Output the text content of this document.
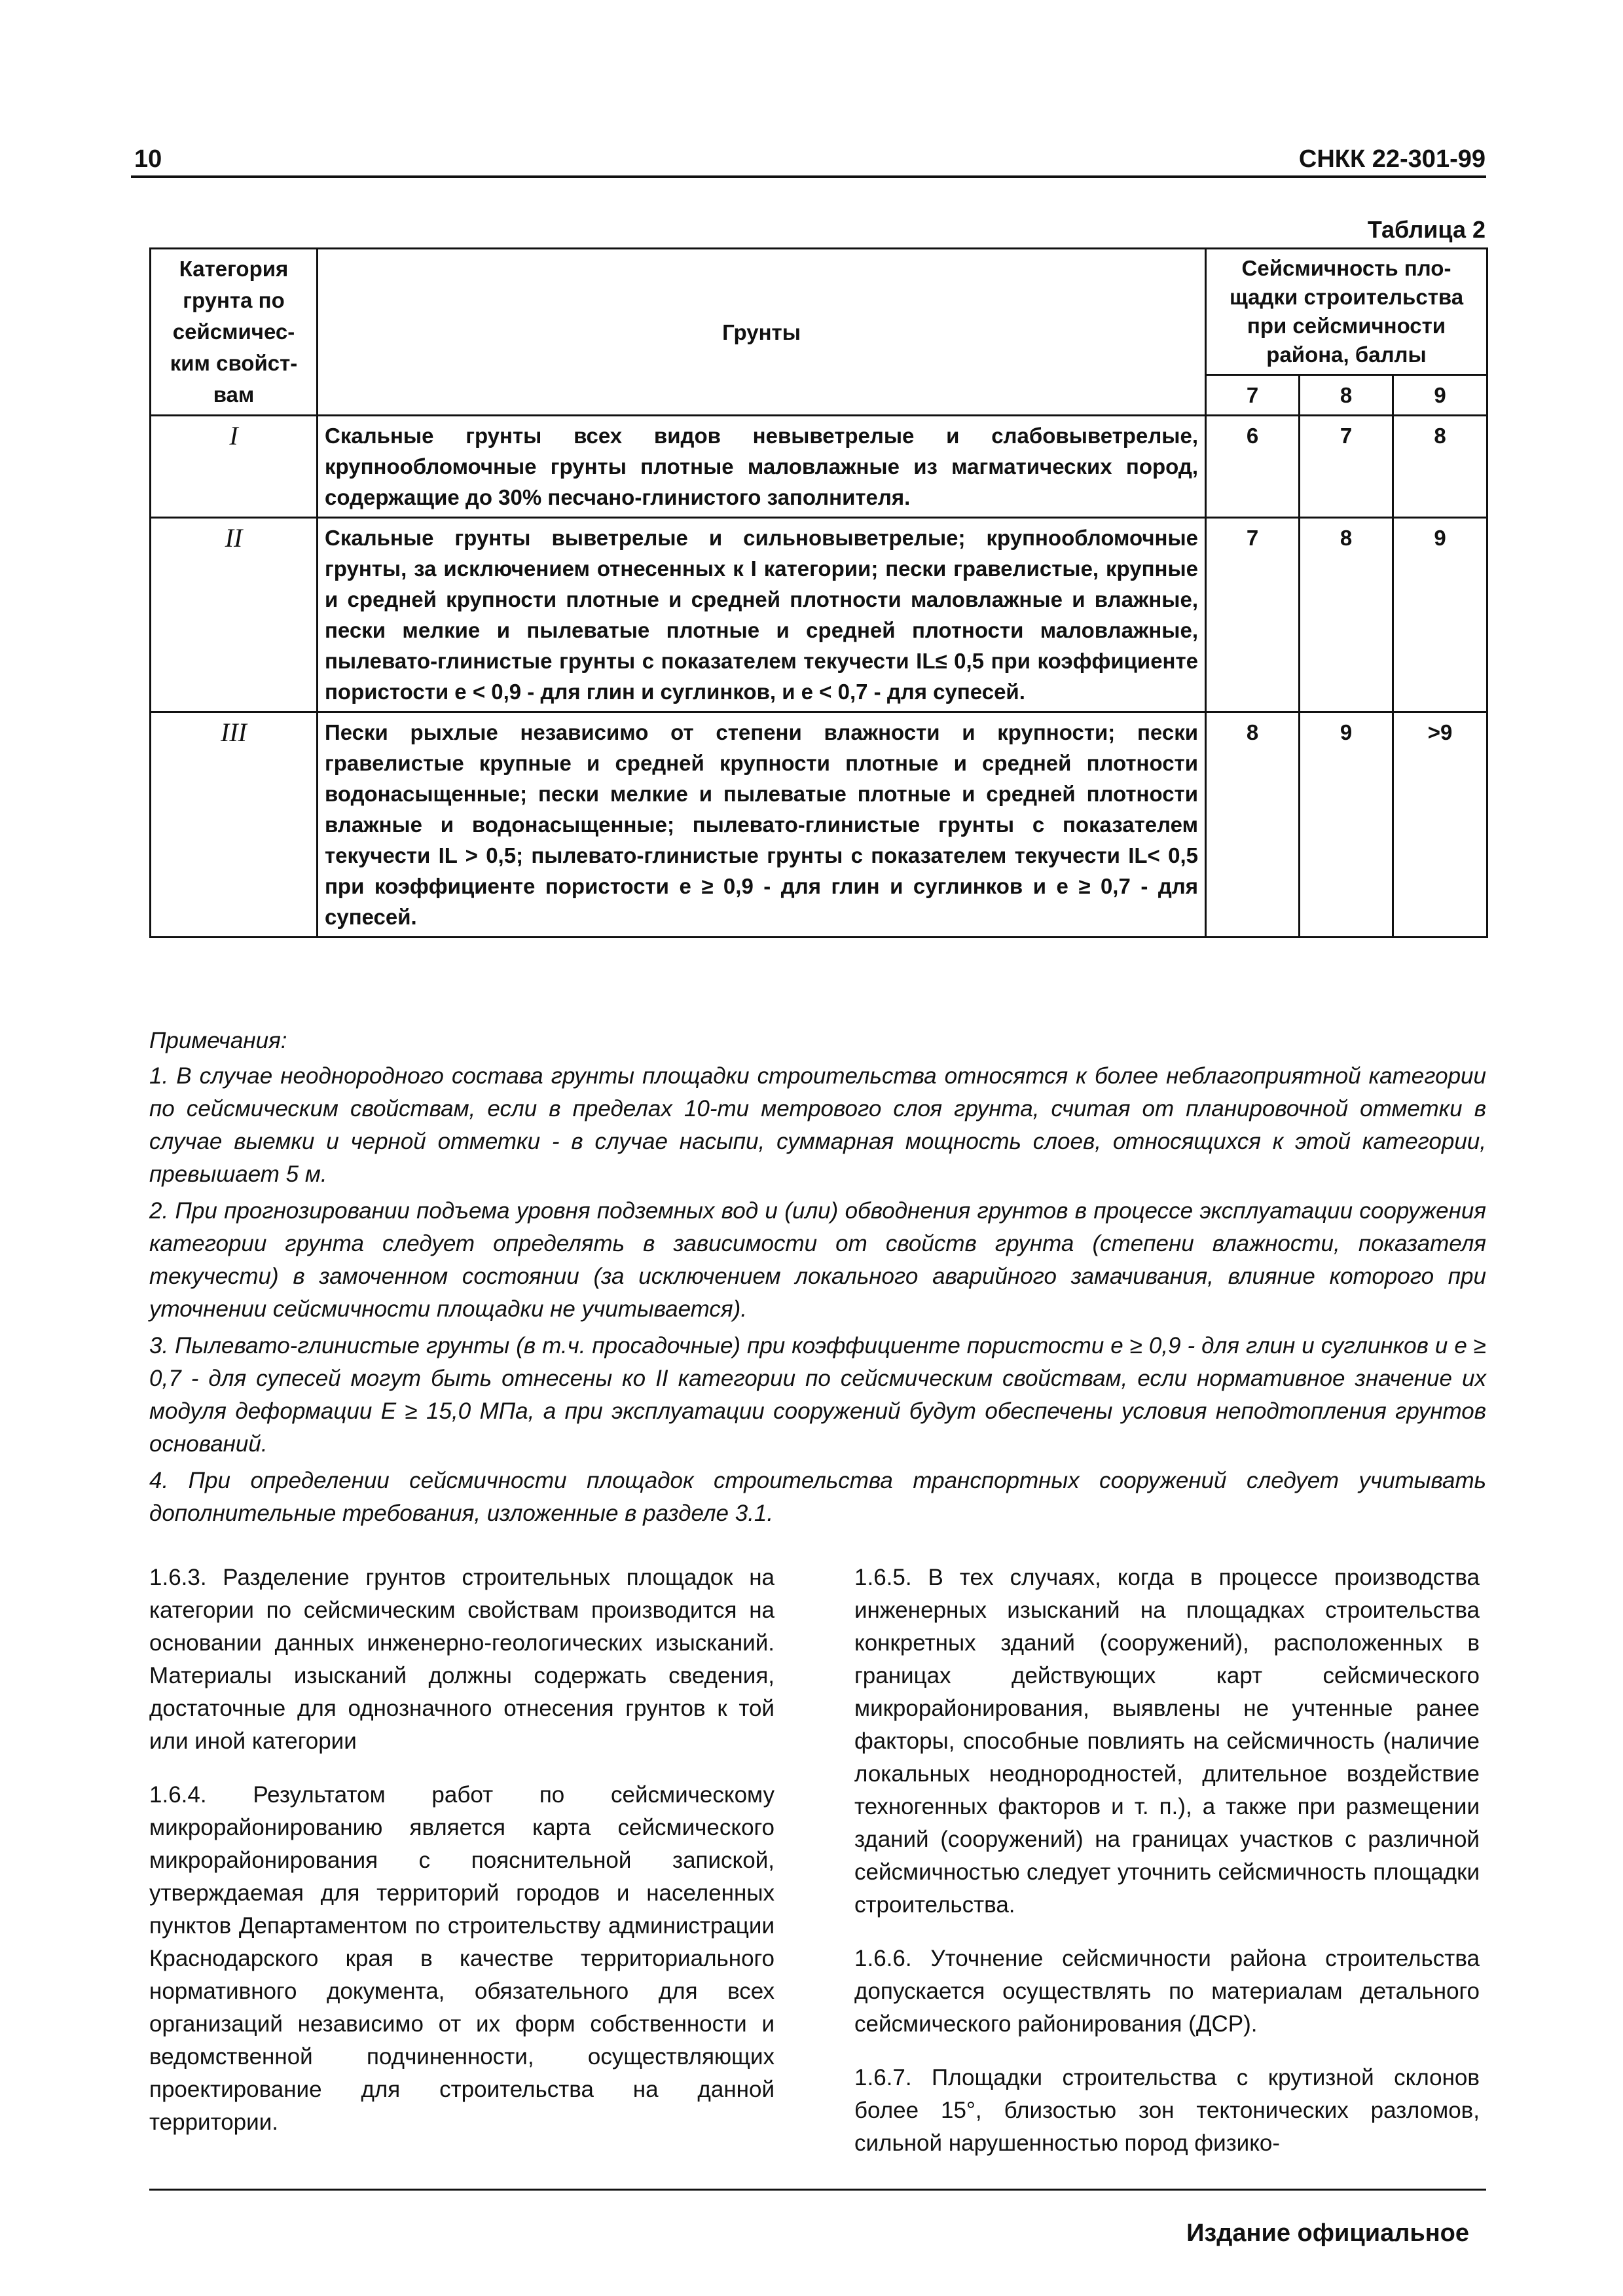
10	СНКК 22-301-99
Таблица 2
Категория грунта по сейсмичес-ким свойст-вам	Грунты	Сейсмичность пло-щадки строительства при сейсмичности района, баллы		
		7	8	9
I	Скальные грунты всех видов невыветрелые и слабовыветрелые, крупнообломочные грунты плотные маловлажные из магматических пород, содержащие до 30% песчано-глинистого заполнителя.	6	7	8
II	Скальные грунты выветрелые и сильновыветрелые; крупнообломочные грунты, за исключением отнесенных к I категории; пески гравелистые, крупные и средней крупности плотные и средней плотности маловлажные и влажные, пески мелкие и пылеватые плотные и средней плотности маловлажные, пылевато-глинистые грунты с показателем текучести IL≤ 0,5 при коэффициенте пористости e < 0,9 - для глин и суглинков, и e < 0,7 - для супесей.	7	8	9
III	Пески рыхлые независимо от степени влажности и крупности; пески гравелистые крупные и средней крупности плотные и средней плотности водонасыщенные; пески мелкие и пылеватые плотные и средней плотности влажные и водонасыщенные; пылевато-глинистые грунты с показателем текучести IL > 0,5; пылевато-глинистые грунты с показателем текучести IL< 0,5 при коэффициенте пористости e ≥ 0,9 - для глин и суглинков и e ≥ 0,7 - для супесей.	8	9	>9

Примечания:

1. В случае неоднородного состава грунты площадки строительства относятся к более неблагоприятной категории по сейсмическим свойствам, если в пределах 10-ти метрового слоя грунта, считая от планировочной отметки в случае выемки и черной отметки - в случае насыпи, суммарная мощность слоев, относящихся к этой категории, превышает 5 м.

2. При прогнозировании подъема уровня подземных вод и (или) обводнения грунтов в процессе эксплуатации сооружения категории грунта следует определять в зависимости от свойств грунта (степени влажности, показателя текучести) в замоченном состоянии (за исключением локального аварийного замачивания, влияние которого при уточнении сейсмичности площадки не учитывается).

3. Пылевато-глинистые грунты (в т.ч. просадочные) при коэффициенте пористости e ≥ 0,9 - для глин и суглинков и e ≥ 0,7 - для супесей могут быть отнесены ко II категории по сейсмическим свойствам, если нормативное значение их модуля деформации E ≥ 15,0 МПа, а при эксплуатации сооружений будут обеспечены условия неподтопления грунтов оснований.

4. При определении сейсмичности площадок строительства транспортных сооружений следует учитывать дополнительные требования, изложенные в разделе 3.1.

1.6.3. Разделение грунтов строительных площадок на категории по сейсмическим свойствам производится на основании данных инженерно-геологических изысканий. Материалы изысканий должны содержать сведения, достаточные для однозначного отнесения грунтов к той или иной категории

1.6.4. Результатом работ по сейсмическому микрорайонированию является карта сейсмического микрорайонирования с пояснительной запиской, утверждаемая для территорий городов и населенных пунктов Департаментом по строительству администрации Краснодарского края в качестве территориального нормативного документа, обязательного для всех организаций независимо от их форм собственности и ведомственной подчиненности, осуществляющих проектирование для строительства на данной территории.

1.6.5. В тех случаях, когда в процессе производства инженерных изысканий на площадках строительства конкретных зданий (сооружений), расположенных в границах действующих карт сейсмического микрорайонирования, выявлены не учтенные ранее факторы, способные повлиять на сейсмичность (наличие локальных неоднородностей, длительное воздействие техногенных факторов и т. п.), а также при размещении зданий (сооружений) на границах участков с различной сейсмичностью следует уточнить сейсмичность площадки строительства.

1.6.6. Уточнение сейсмичности района строительства допускается осуществлять по материалам детального сейсмического районирования (ДСР).

1.6.7. Площадки строительства с крутизной склонов более 15°, близостью зон тектонических разломов, сильной нарушенностью пород физико-

Издание официальное
